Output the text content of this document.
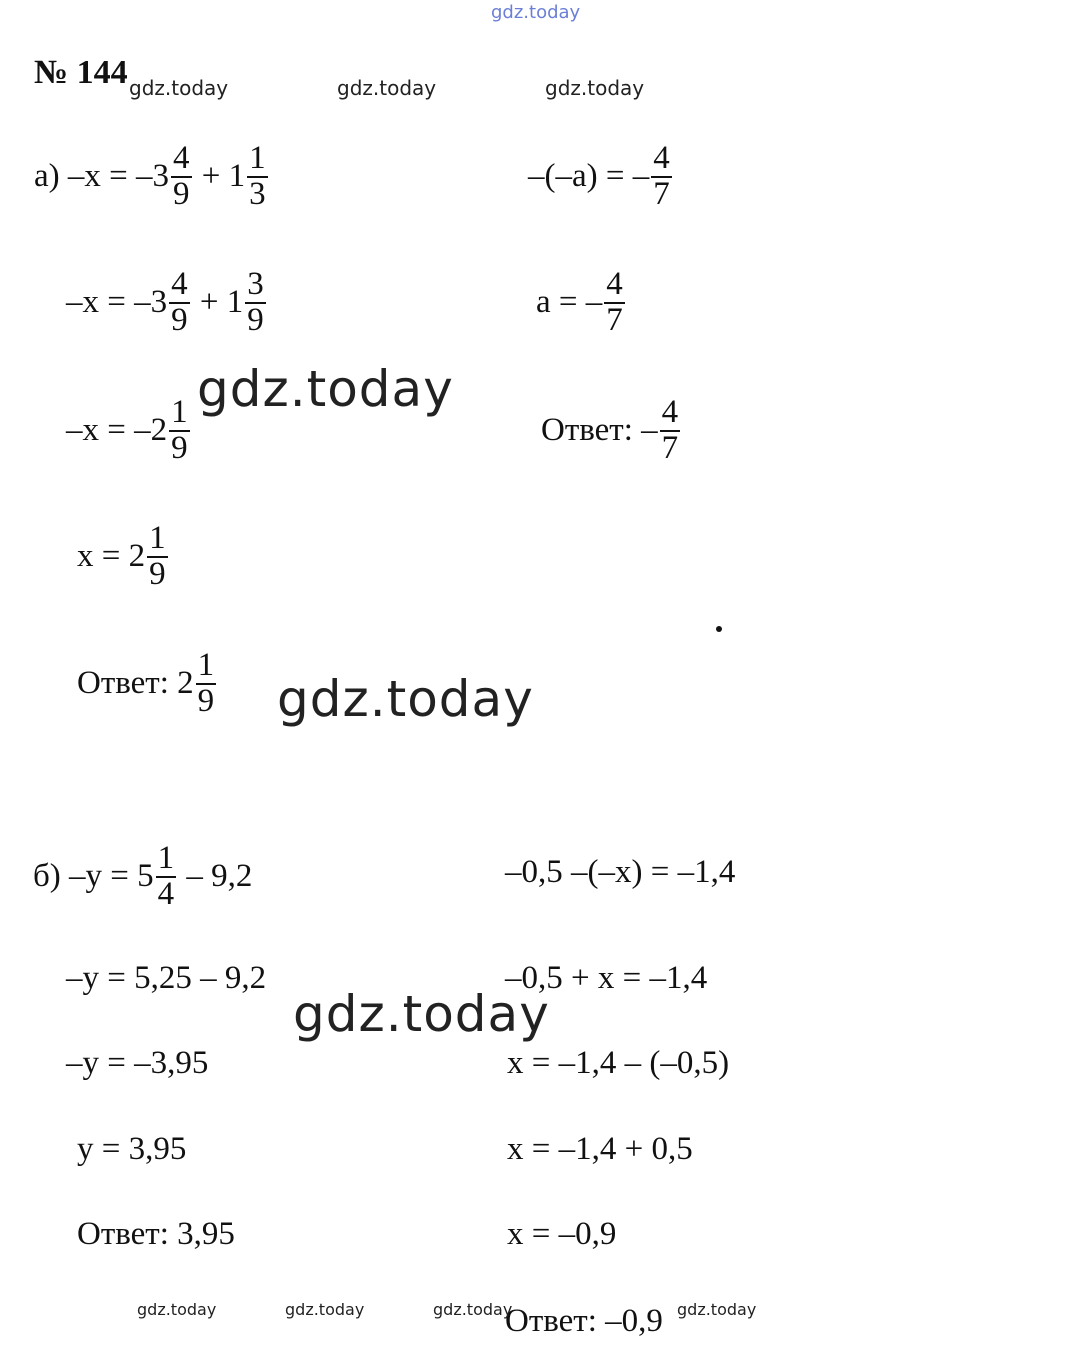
gdz.today
№ 144 gdz.today	gdz.today	gdz.today
а) $-x = -3 \frac{4}{9} + 1 \frac{1}{3}$
$-x = -3 \frac{4}{9} + 1 \frac{3}{9}$
$-x = -2 \frac{1}{9}$
$x = 2 \frac{1}{9}$
Ответ: $2 \frac{1}{9}$
–(–a) = – $\frac{4}{7}$
a = – $\frac{4}{7}$
Ответ: – $\frac{4}{7}$
б) $-y = 5 \frac{1}{4} - 9,2$
–y = 5,25 – 9,2
–y = –3,95
y = 3,95
Ответ: 3,95
–0,5 –(–x) = –1,4
–0,5 + x = –1,4
x = –1,4 – (–0,5)
x = –1,4 + 0,5
x = –0,9
Ответ: –0,9
gdz.today
gdz.today
gdz.today
gdz.today	gdz.today	gdz.today	gdz.today
